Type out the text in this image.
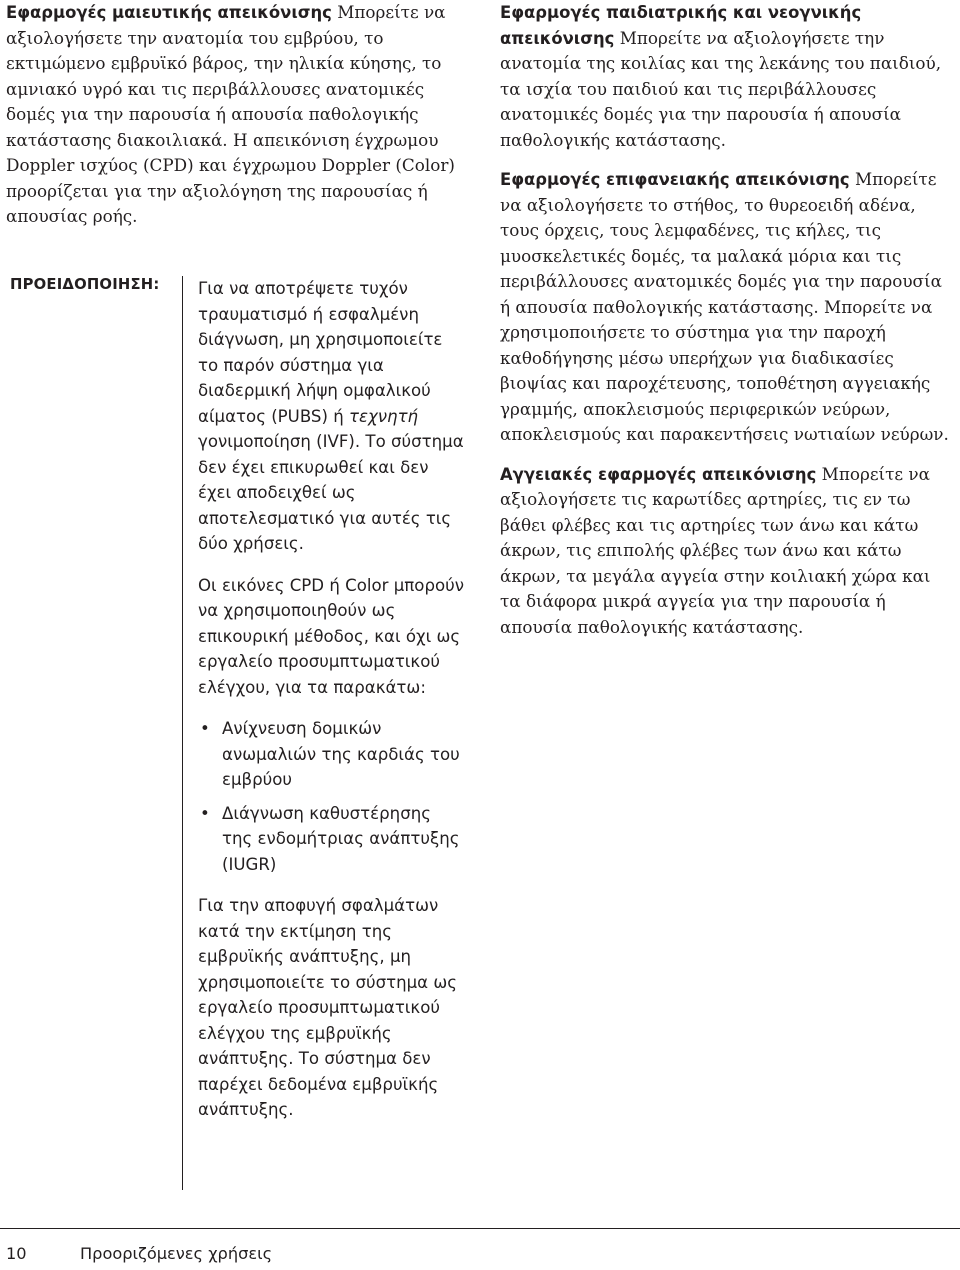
Εφαρμογές μαιευτικής απεικόνισης Μπορείτε να αξιολογήσετε την ανατομία του εμβρύου, το εκτιμώμενο εμβρυϊκό βάρος, την ηλικία κύησης, το αμνιακό υγρό και τις περιβάλλουσες ανατομικές δομές για την παρουσία ή απουσία παθολογικής κατάστασης διακοιλιακά. Η απεικόνιση έγχρωμου Doppler ισχύος (CPD) και έγχρωμου Doppler (Color) προορίζεται για την αξιολόγηση της παρουσίας ή απουσίας ροής.

ΠΡΟΕΙΔΟΠΟΙΗΣΗ: Για να αποτρέψετε τυχόν τραυματισμό ή εσφαλμένη διάγνωση, μη χρησιμοποιείτε το παρόν σύστημα για διαδερμική λήψη ομφαλικού αίματος (PUBS) ή τεχνητή γονιμοποίηση (IVF). Το σύστημα δεν έχει επικυρωθεί και δεν έχει αποδειχθεί ως αποτελεσματικό για αυτές τις δύο χρήσεις.

Οι εικόνες CPD ή Color μπορούν να χρησιμοποιηθούν ως επικουρική μέθοδος, και όχι ως εργαλείο προσυμπτωματικού ελέγχου, για τα παρακάτω:

• Ανίχνευση δομικών ανωμαλιών της καρδιάς του εμβρύου
• Διάγνωση καθυστέρησης της ενδομήτριας ανάπτυξης (IUGR)

Για την αποφυγή σφαλμάτων κατά την εκτίμηση της εμβρυϊκής ανάπτυξης, μη χρησιμοποιείτε το σύστημα ως εργαλείο προσυμπτωματικού ελέγχου της εμβρυϊκής ανάπτυξης. Το σύστημα δεν παρέχει δεδομένα εμβρυϊκής ανάπτυξης.

Εφαρμογές παιδιατρικής και νεογνικής απεικόνισης Μπορείτε να αξιολογήσετε την ανατομία της κοιλίας και της λεκάνης του παιδιού, τα ισχία του παιδιού και τις περιβάλλουσες ανατομικές δομές για την παρουσία ή απουσία παθολογικής κατάστασης.

Εφαρμογές επιφανειακής απεικόνισης Μπορείτε να αξιολογήσετε το στήθος, το θυρεοειδή αδένα, τους όρχεις, τους λεμφαδένες, τις κήλες, τις μυοσκελετικές δομές, τα μαλακά μόρια και τις περιβάλλουσες ανατομικές δομές για την παρουσία ή απουσία παθολογικής κατάστασης. Μπορείτε να χρησιμοποιήσετε το σύστημα για την παροχή καθοδήγησης μέσω υπερήχων για διαδικασίες βιοψίας και παροχέτευσης, τοποθέτηση αγγειακής γραμμής, αποκλεισμούς περιφερικών νεύρων, αποκλεισμούς και παρακεντήσεις νωτιαίων νεύρων.

Αγγειακές εφαρμογές απεικόνισης Μπορείτε να αξιολογήσετε τις καρωτίδες αρτηρίες, τις εν τω βάθει φλέβες και τις αρτηρίες των άνω και κάτω άκρων, τις επιπολής φλέβες των άνω και κάτω άκρων, τα μεγάλα αγγεία στην κοιλιακή χώρα και τα διάφορα μικρά αγγεία για την παρουσία ή απουσία παθολογικής κατάστασης.

10	Προοριζόμενες χρήσεις
